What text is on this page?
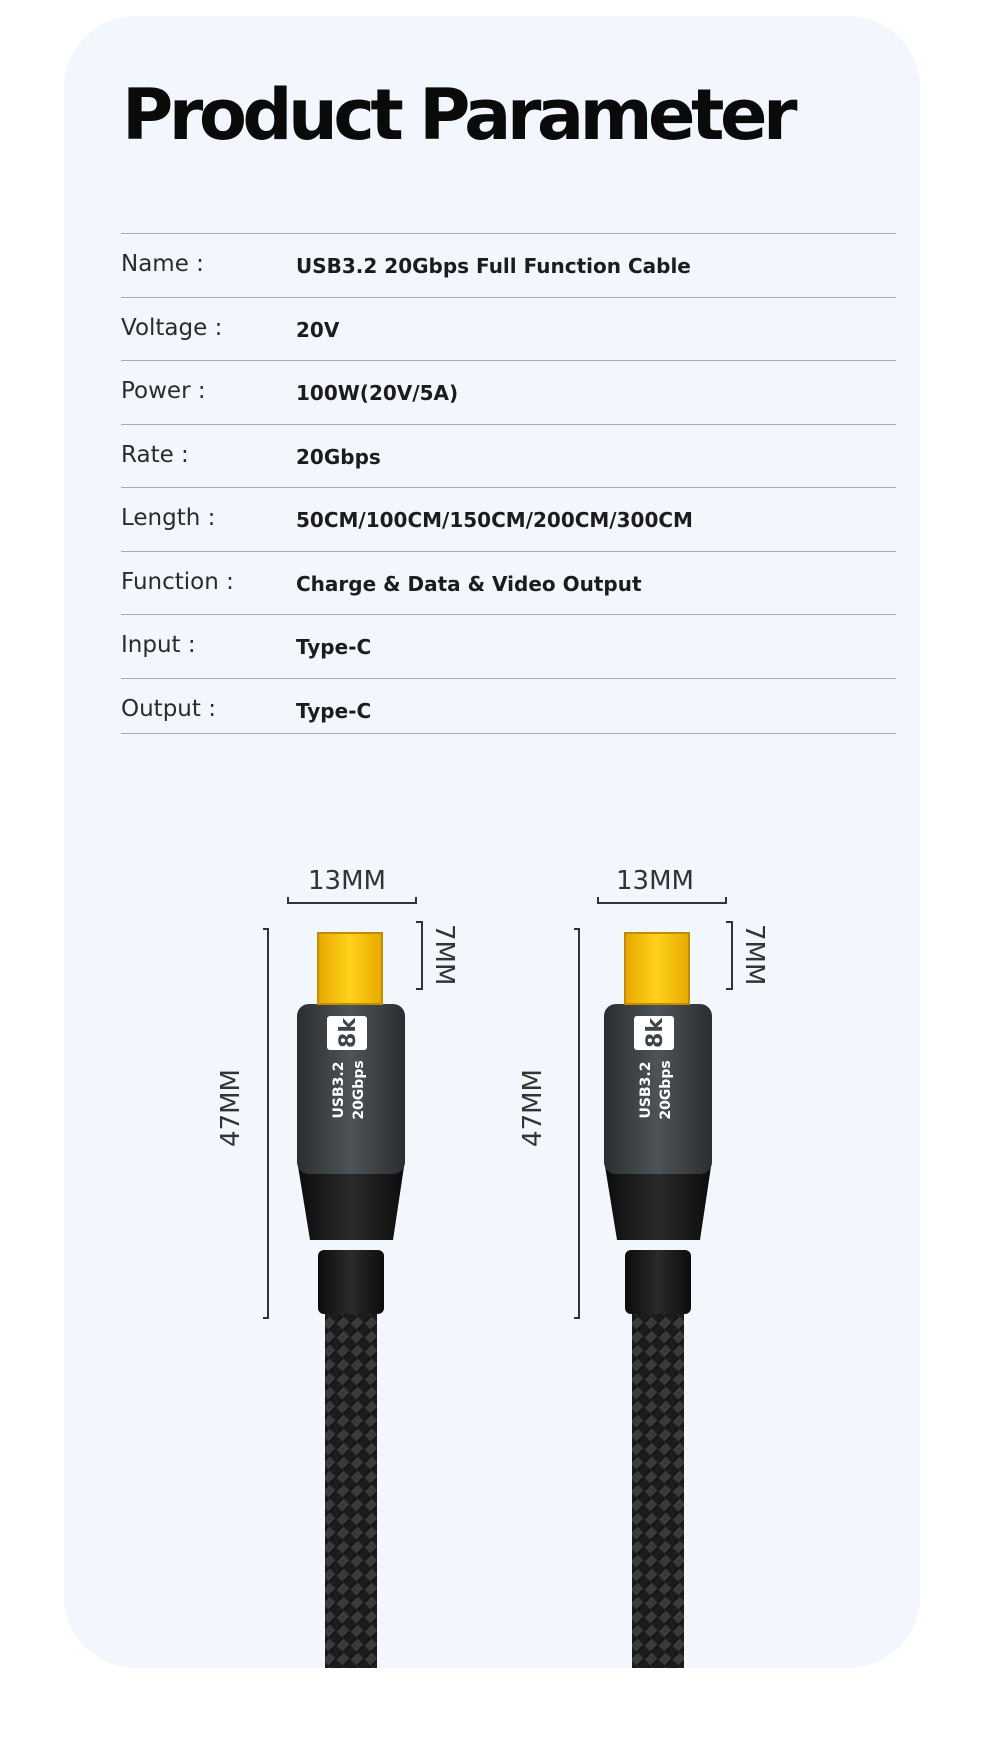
Product Parameter
Name :	USB3.2 20Gbps Full Function Cable
Voltage :	20V
Power :	100W(20V/5A)
Rate :	20Gbps
Length :	50CM/100CM/150CM/200CM/300CM
Function :	Charge & Data & Video Output
Input :	Type-C
Output :	Type-C
13MM
7MM
47MM	USB3.2 20Gbps
8k
13MM
7MM
47MM	USB3.2 20Gbps
8k
